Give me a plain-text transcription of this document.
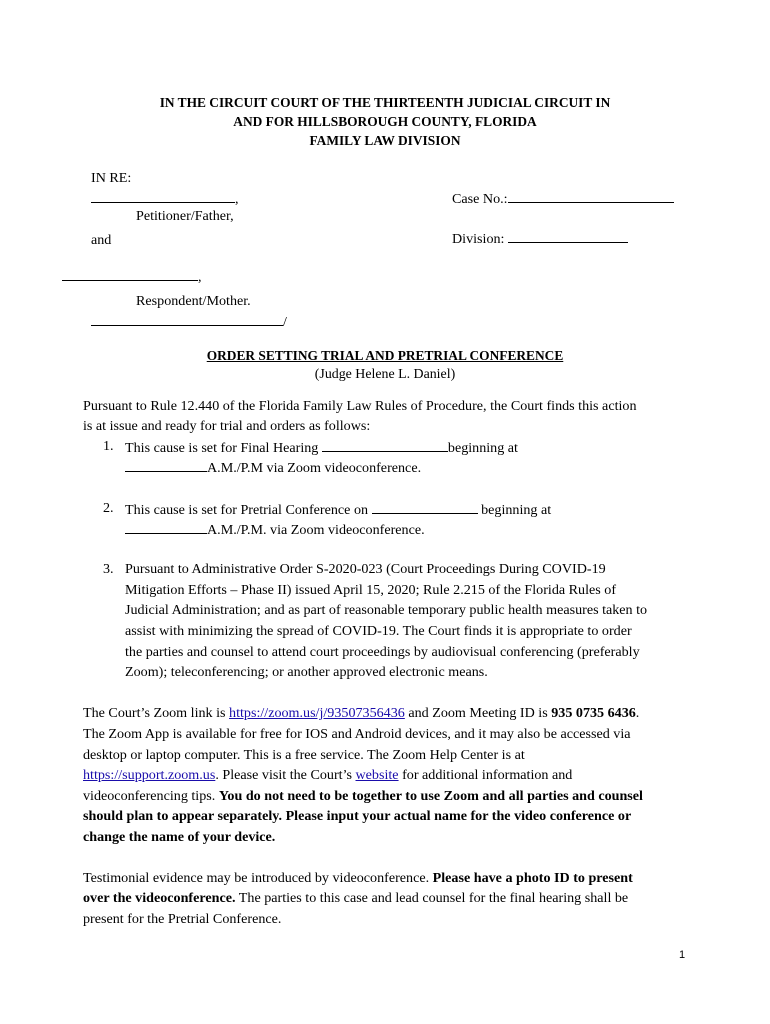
IN THE CIRCUIT COURT OF THE THIRTEENTH JUDICIAL CIRCUIT IN
AND FOR HILLSBOROUGH COUNTY, FLORIDA
FAMILY LAW DIVISION
IN RE:
,
Petitioner/Father,
and
,
Respondent/Mother.
/
Case No.:
Division:
ORDER SETTING TRIAL AND PRETRIAL CONFERENCE
(Judge Helene L. Daniel)
Pursuant to Rule 12.440 of the Florida Family Law Rules of Procedure, the Court finds this action
is at issue and ready for trial and orders as follows:
1. This cause is set for Final Hearing	beginning at
A.M./P.M via Zoom videoconference.
2. This cause is set for Pretrial Conference on	beginning at
A.M./P.M. via Zoom videoconference.
3. Pursuant to Administrative Order S-2020-023 (Court Proceedings During COVID-19
Mitigation Efforts – Phase II) issued April 15, 2020; Rule 2.215 of the Florida Rules of
Judicial Administration; and as part of reasonable temporary public health measures taken to
assist with minimizing the spread of COVID-19. The Court finds it is appropriate to order
the parties and counsel to attend court proceedings by audiovisual conferencing (preferably
Zoom); teleconferencing; or another approved electronic means.
The Court’s Zoom link is https://zoom.us/j/93507356436 and Zoom Meeting ID is 935 0735 6436.
The Zoom App is available for free for IOS and Android devices, and it may also be accessed via
desktop or laptop computer. This is a free service. The Zoom Help Center is at
https://support.zoom.us. Please visit the Court’s website for additional information and
videoconferencing tips. You do not need to be together to use Zoom and all parties and counsel
should plan to appear separately. Please input your actual name for the video conference or
change the name of your device.
Testimonial evidence may be introduced by videoconference. Please have a photo ID to present
over the videoconference. The parties to this case and lead counsel for the final hearing shall be
present for the Pretrial Conference.
1
